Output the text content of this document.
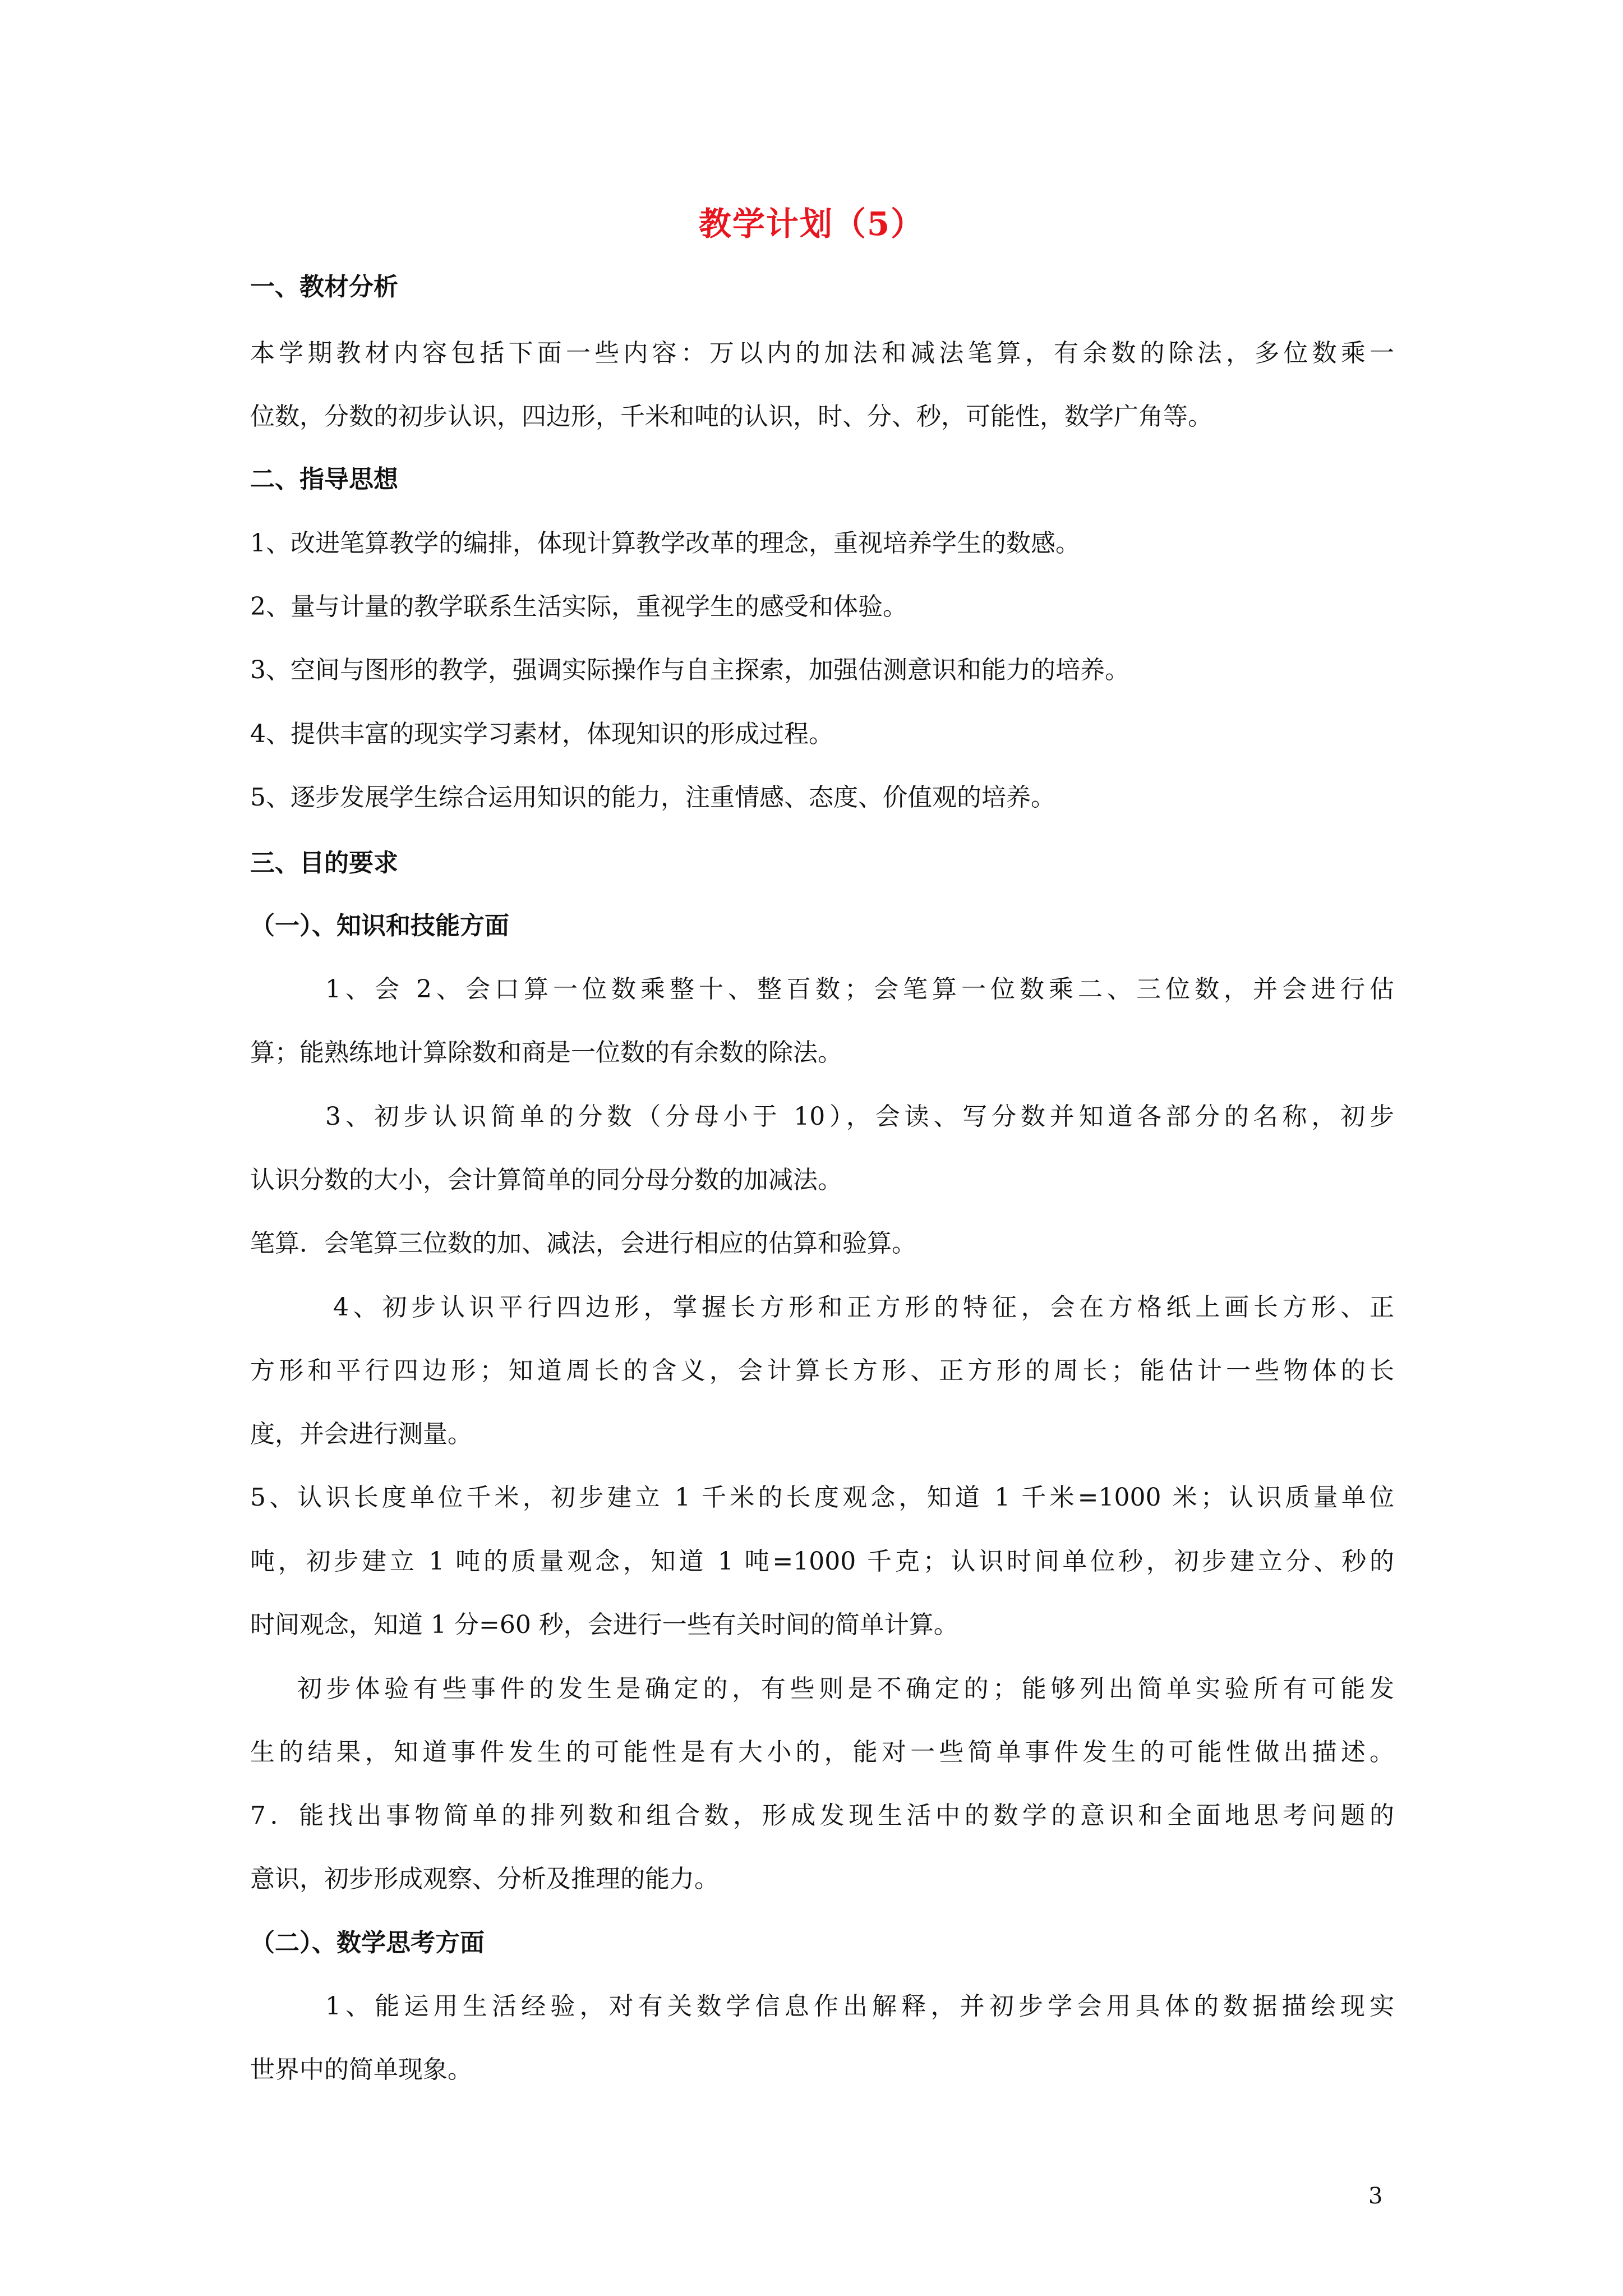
教学计划（5）
一、教材分析
本学期教材内容包括下面一些内容：万以内的加法和减法笔算，有余数的除法，多位数乘一
位数，分数的初步认识，四边形，千米和吨的认识，时、分、秒，可能性，数学广角等。
二、指导思想
1、改进笔算教学的编排，体现计算教学改革的理念，重视培养学生的数感。
2、量与计量的教学联系生活实际，重视学生的感受和体验。
3、空间与图形的教学，强调实际操作与自主探索，加强估测意识和能力的培养。
4、提供丰富的现实学习素材，体现知识的形成过程。
5、逐步发展学生综合运用知识的能力，注重情感、态度、价值观的培养。
三、目的要求
（一）、知识和技能方面
1、会 2、会口算一位数乘整十、整百数；会笔算一位数乘二、三位数，并会进行估
算；能熟练地计算除数和商是一位数的有余数的除法。
3、初步认识简单的分数（分母小于 10），会读、写分数并知道各部分的名称，初步
认识分数的大小，会计算简单的同分母分数的加减法。
笔算．会笔算三位数的加、减法，会进行相应的估算和验算。
4、初步认识平行四边形，掌握长方形和正方形的特征，会在方格纸上画长方形、正
方形和平行四边形；知道周长的含义，会计算长方形、正方形的周长；能估计一些物体的长
度，并会进行测量。
5、认识长度单位千米，初步建立 1 千米的长度观念，知道 1 千米=1000 米；认识质量单位
吨，初步建立 1 吨的质量观念，知道 1 吨=1000 千克；认识时间单位秒，初步建立分、秒的
时间观念，知道 1 分=60 秒，会进行一些有关时间的简单计算。
初步体验有些事件的发生是确定的，有些则是不确定的；能够列出简单实验所有可能发
生的结果，知道事件发生的可能性是有大小的，能对一些简单事件发生的可能性做出描述。
7．能找出事物简单的排列数和组合数，形成发现生活中的数学的意识和全面地思考问题的
意识，初步形成观察、分析及推理的能力。
（二）、数学思考方面
1、能运用生活经验，对有关数学信息作出解释，并初步学会用具体的数据描绘现实
世界中的简单现象。
3
